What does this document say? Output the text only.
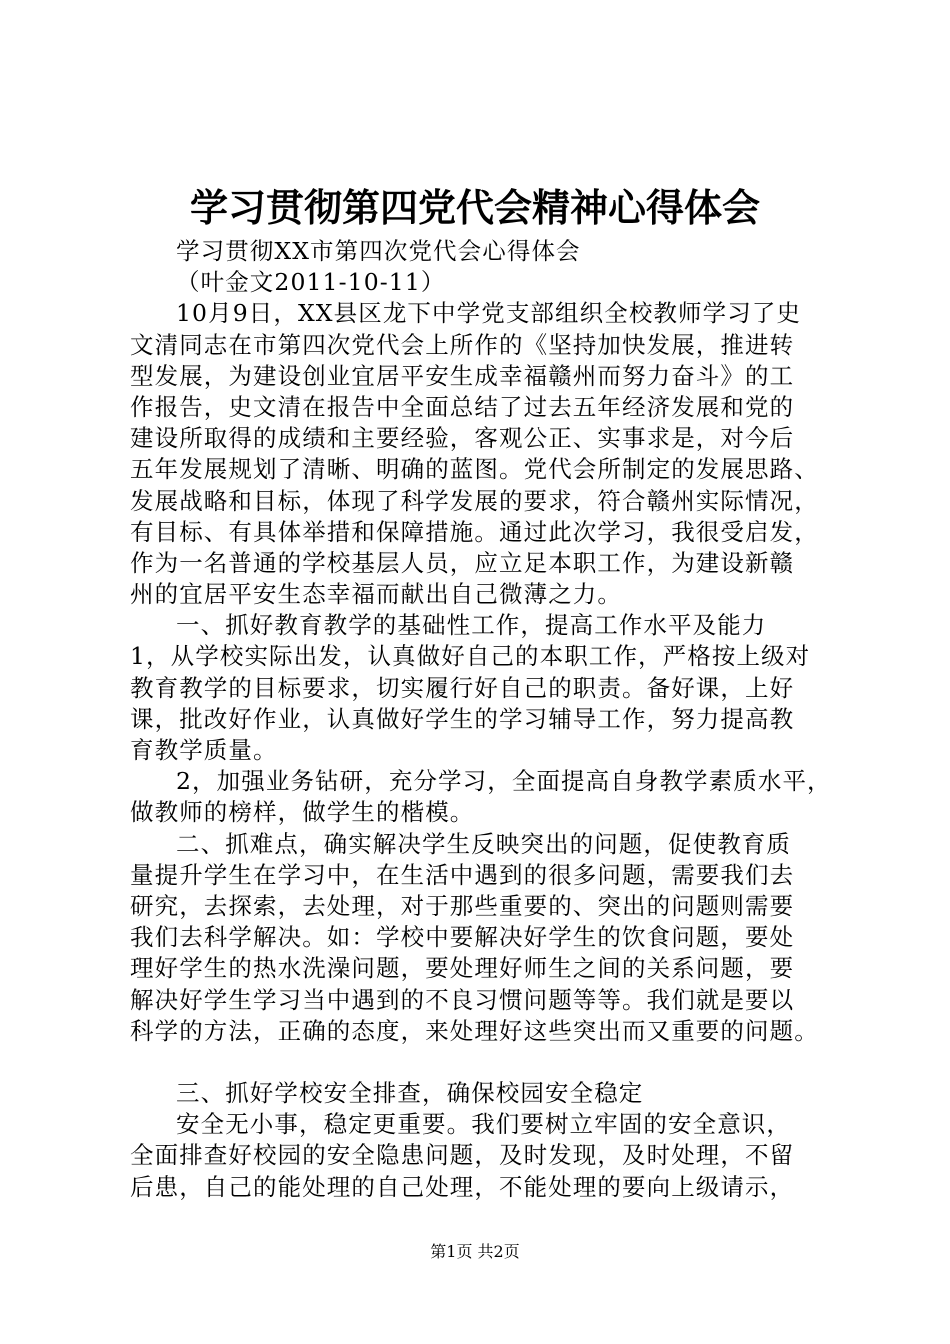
学习贯彻第四党代会精神心得体会
学习贯彻XX市第四次党代会心得体会
（叶金文2011-10-11）
10月9日，XX县区龙下中学党支部组织全校教师学习了史
文清同志在市第四次党代会上所作的《坚持加快发展，推进转
型发展，为建设创业宜居平安生成幸福赣州而努力奋斗》的工
作报告，史文清在报告中全面总结了过去五年经济发展和党的
建设所取得的成绩和主要经验，客观公正、实事求是，对今后
五年发展规划了清晰、明确的蓝图。党代会所制定的发展思路、
发展战略和目标，体现了科学发展的要求，符合赣州实际情况，
有目标、有具体举措和保障措施。通过此次学习，我很受启发，
作为一名普通的学校基层人员，应立足本职工作，为建设新赣
州的宜居平安生态幸福而献出自己微薄之力。
一、抓好教育教学的基础性工作，提高工作水平及能力
1，从学校实际出发，认真做好自己的本职工作，严格按上级对
教育教学的目标要求，切实履行好自己的职责。备好课，上好
课，批改好作业，认真做好学生的学习辅导工作，努力提高教
育教学质量。
2，加强业务钻研，充分学习，全面提高自身教学素质水平，
做教师的榜样，做学生的楷模。
二、抓难点，确实解决学生反映突出的问题，促使教育质
量提升学生在学习中，在生活中遇到的很多问题，需要我们去
研究，去探索，去处理，对于那些重要的、突出的问题则需要
我们去科学解决。如：学校中要解决好学生的饮食问题，要处
理好学生的热水洗澡问题，要处理好师生之间的关系问题，要
解决好学生学习当中遇到的不良习惯问题等等。我们就是要以
科学的方法，正确的态度，来处理好这些突出而又重要的问题。
三、抓好学校安全排查，确保校园安全稳定
安全无小事，稳定更重要。我们要树立牢固的安全意识，
全面排查好校园的安全隐患问题，及时发现，及时处理，不留
后患，自己的能处理的自己处理，不能处理的要向上级请示，
第1页 共2页
